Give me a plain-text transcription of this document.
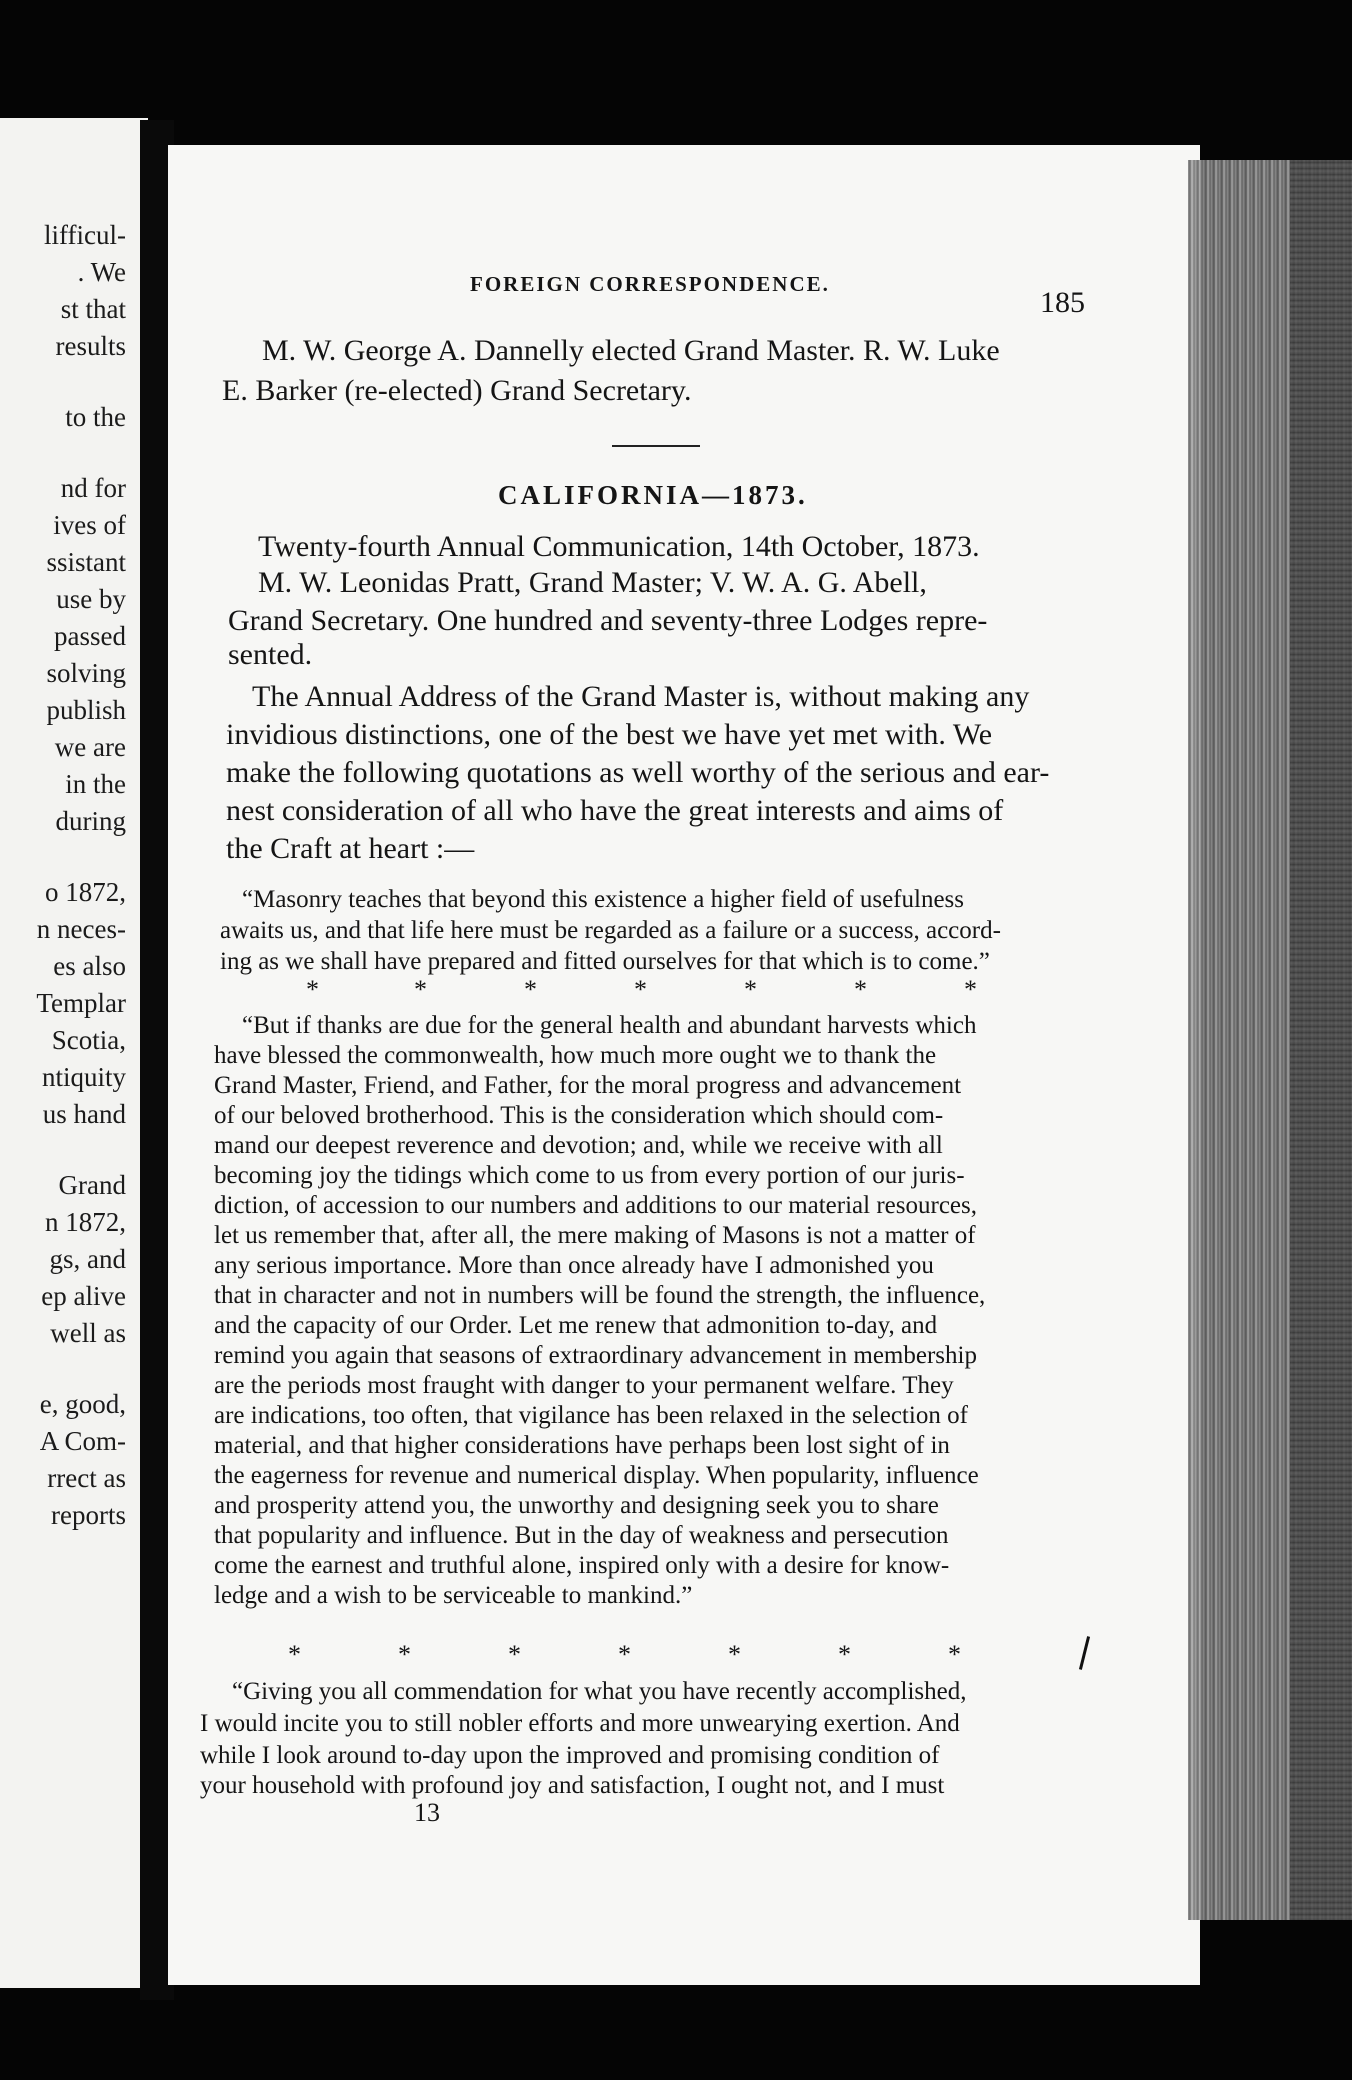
lifficul-
. We
st that
results
to the
nd for
ives of
ssistant
use by
passed
solving
publish
we are
in the
during
o 1872,
n neces-
es also
Templar
Scotia,
ntiquity
us hand
Grand
n 1872,
gs, and
ep alive
well as
e, good,
A Com-
rrect as
reports
FOREIGN CORRESPONDENCE.
185
M. W. George A. Dannelly elected Grand Master. R. W. Luke
E. Barker (re-elected) Grand Secretary.
CALIFORNIA—1873.
Twenty-fourth Annual Communication, 14th October, 1873.
M. W. Leonidas Pratt, Grand Master; V. W. A. G. Abell,
Grand Secretary. One hundred and seventy-three Lodges repre-
sented.
The Annual Address of the Grand Master is, without making any
invidious distinctions, one of the best we have yet met with. We
make the following quotations as well worthy of the serious and ear-
nest consideration of all who have the great interests and aims of
the Craft at heart :—
“Masonry teaches that beyond this existence a higher field of usefulness
awaits us, and that life here must be regarded as a failure or a success, accord-
ing as we shall have prepared and fitted ourselves for that which is to come.”
*	*	*	*	*	*	*
“But if thanks are due for the general health and abundant harvests which
have blessed the commonwealth, how much more ought we to thank the
Grand Master, Friend, and Father, for the moral progress and advancement
of our beloved brotherhood. This is the consideration which should com-
mand our deepest reverence and devotion; and, while we receive with all
becoming joy the tidings which come to us from every portion of our juris-
diction, of accession to our numbers and additions to our material resources,
let us remember that, after all, the mere making of Masons is not a matter of
any serious importance. More than once already have I admonished you
that in character and not in numbers will be found the strength, the influence,
and the capacity of our Order. Let me renew that admonition to-day, and
remind you again that seasons of extraordinary advancement in membership
are the periods most fraught with danger to your permanent welfare. They
are indications, too often, that vigilance has been relaxed in the selection of
material, and that higher considerations have perhaps been lost sight of in
the eagerness for revenue and numerical display. When popularity, influence
and prosperity attend you, the unworthy and designing seek you to share
that popularity and influence. But in the day of weakness and persecution
come the earnest and truthful alone, inspired only with a desire for know-
ledge and a wish to be serviceable to mankind.”
*	*	*	*	*	*	*
“Giving you all commendation for what you have recently accomplished,
I would incite you to still nobler efforts and more unwearying exertion. And
while I look around to-day upon the improved and promising condition of
your household with profound joy and satisfaction, I ought not, and I must
13
